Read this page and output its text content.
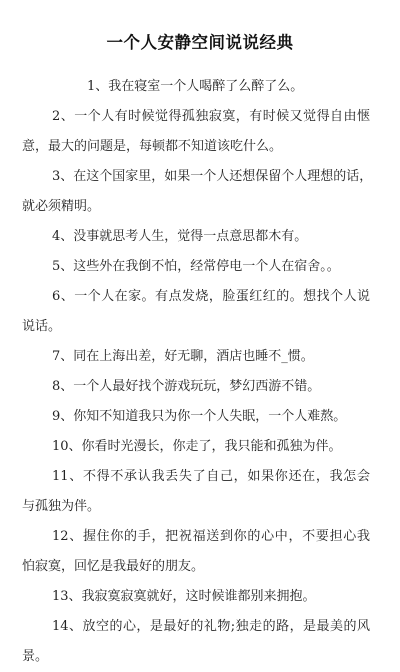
一个人安静空间说说经典
1、我在寝室一个人喝醉了么醉了么。
2、一个人有时候觉得孤独寂寞，有时候又觉得自由惬
意，最大的问题是，每顿都不知道该吃什么。
3、在这个国家里，如果一个人还想保留个人理想的话，
就必须精明。
4、没事就思考人生，觉得一点意思都木有。
5、这些外在我倒不怕，经常停电一个人在宿舍。。
6、一个人在家。有点发烧，脸蛋红红的。想找个人说
说话。
7、同在上海出差，好无聊，酒店也睡不_惯。
8、一个人最好找个游戏玩玩，梦幻西游不错。
9、你知不知道我只为你一个人失眠，一个人难熬。
10、你看时光漫长，你走了，我只能和孤独为伴。
11、不得不承认我丢失了自己，如果你还在，我怎会
与孤独为伴。
12、握住你的手，把祝福送到你的心中，不要担心我
怕寂寞，回忆是我最好的朋友。
13、我寂寞寂寞就好，这时候谁都别来拥抱。
14、放空的心，是最好的礼物;独走的路，是最美的风
景。
